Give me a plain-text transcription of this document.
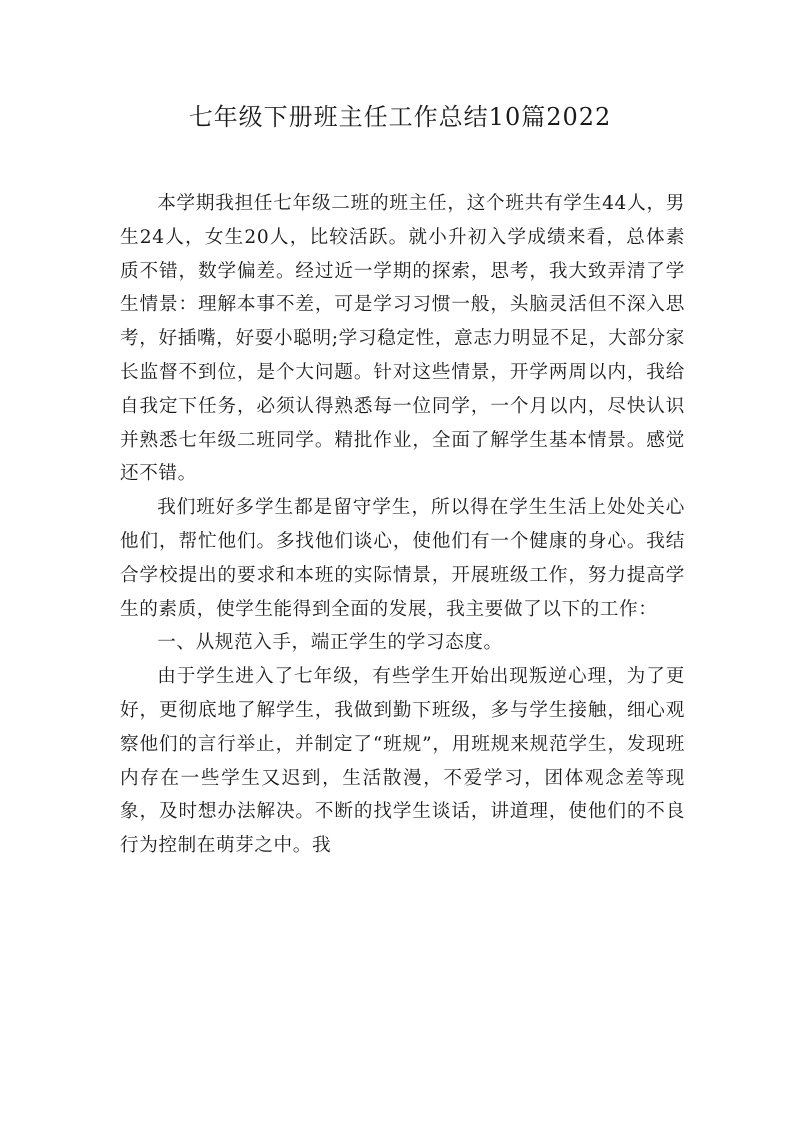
七年级下册班主任工作总结10篇2022

本学期我担任七年级二班的班主任，这个班共有学生44人，男生24人，女生20人，比较活跃。就小升初入学成绩来看，总体素质不错，数学偏差。经过近一学期的探索，思考，我大致弄清了学生情景：理解本事不差，可是学习习惯一般，头脑灵活但不深入思考，好插嘴，好耍小聪明;学习稳定性，意志力明显不足，大部分家长监督不到位，是个大问题。针对这些情景，开学两周以内，我给自我定下任务，必须认得熟悉每一位同学，一个月以内，尽快认识并熟悉七年级二班同学。精批作业，全面了解学生基本情景。感觉还不错。

我们班好多学生都是留守学生，所以得在学生生活上处处关心他们，帮忙他们。多找他们谈心，使他们有一个健康的身心。我结合学校提出的要求和本班的实际情景，开展班级工作，努力提高学生的素质，使学生能得到全面的发展，我主要做了以下的工作：

一、从规范入手，端正学生的学习态度。

由于学生进入了七年级，有些学生开始出现叛逆心理，为了更好，更彻底地了解学生，我做到勤下班级，多与学生接触，细心观察他们的言行举止，并制定了“班规”，用班规来规范学生，发现班内存在一些学生又迟到，生活散漫，不爱学习，团体观念差等现象，及时想办法解决。不断的找学生谈话，讲道理，使他们的不良行为控制在萌芽之中。我
